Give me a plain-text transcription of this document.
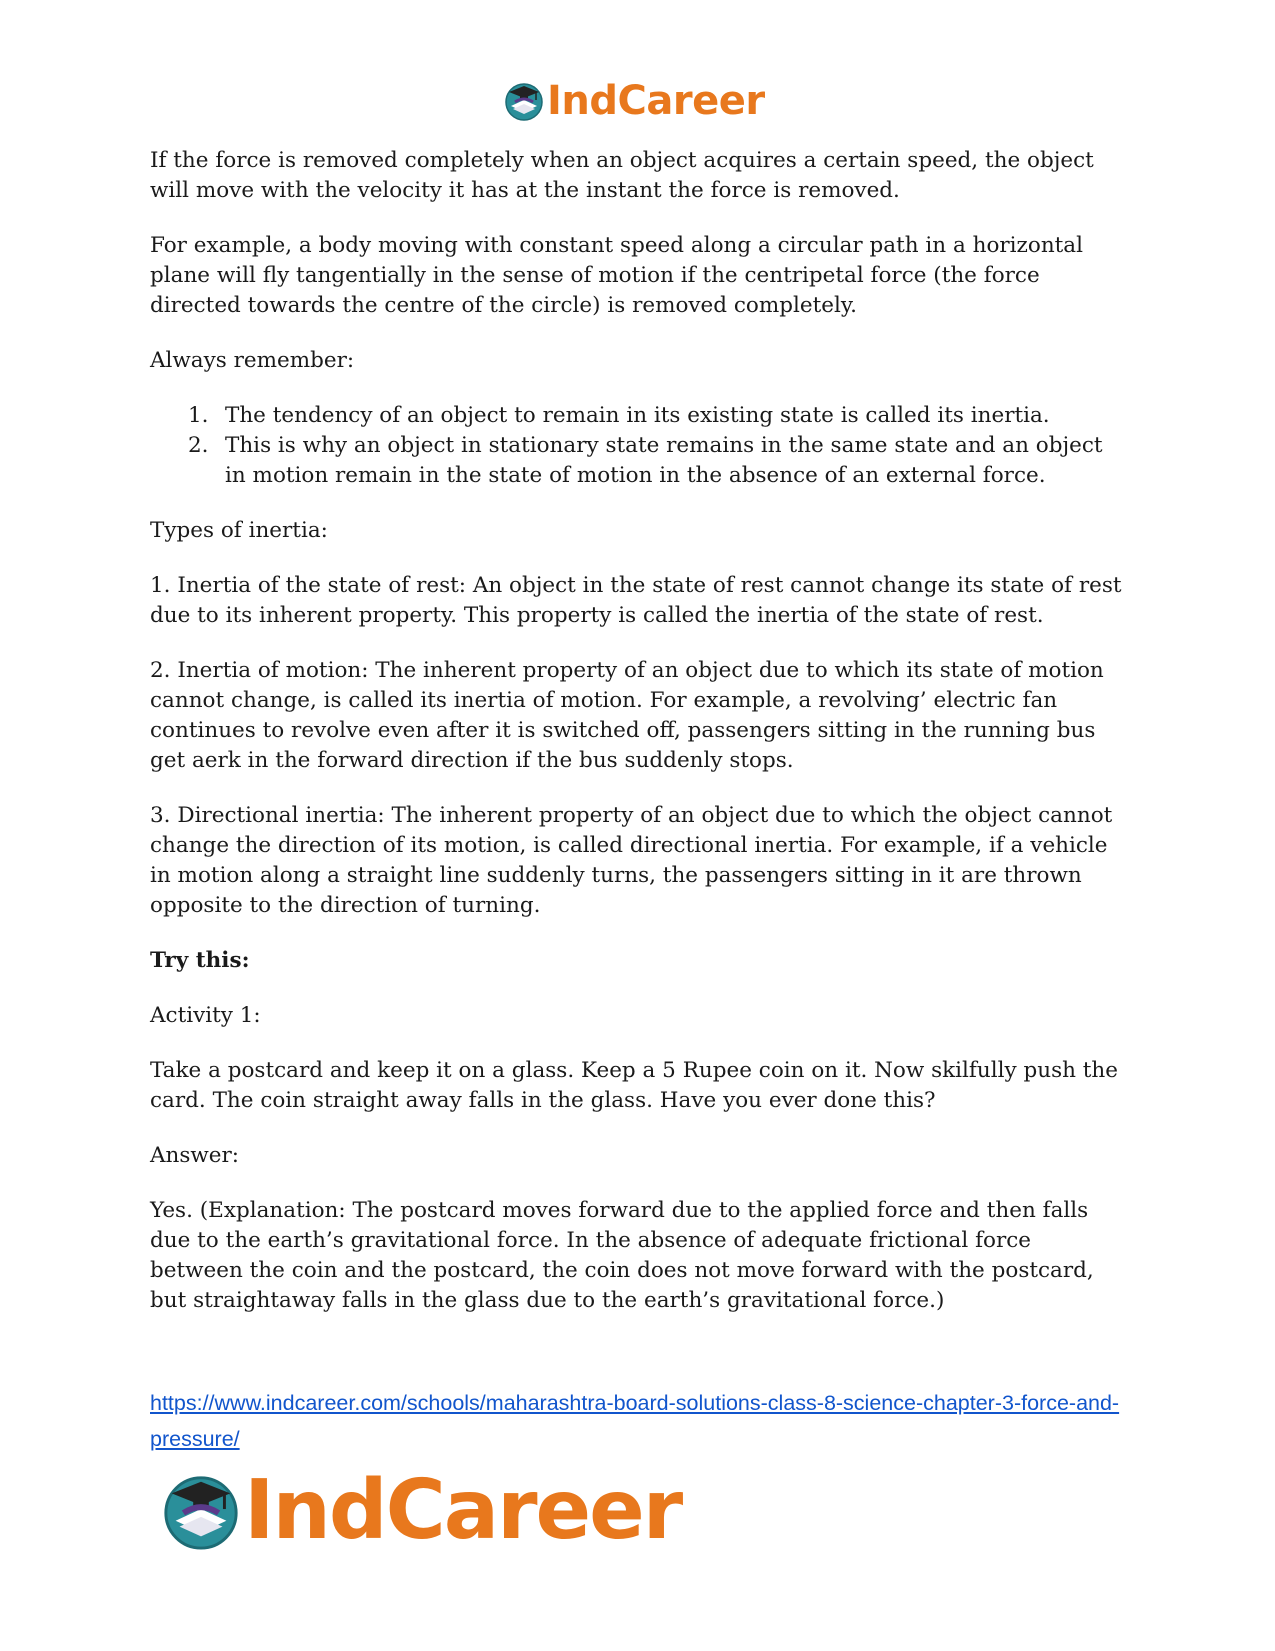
IndCareer

If the force is removed completely when an object acquires a certain speed, the object will move with the velocity it has at the instant the force is removed.

For example, a body moving with constant speed along a circular path in a horizontal plane will fly tangentially in the sense of motion if the centripetal force (the force directed towards the centre of the circle) is removed completely.

Always remember:

1. The tendency of an object to remain in its existing state is called its inertia.
2. This is why an object in stationary state remains in the same state and an object in motion remain in the state of motion in the absence of an external force.

Types of inertia:

1. Inertia of the state of rest: An object in the state of rest cannot change its state of rest due to its inherent property. This property is called the inertia of the state of rest.

2. Inertia of motion: The inherent property of an object due to which its state of motion cannot change, is called its inertia of motion. For example, a revolving’ electric fan continues to revolve even after it is switched off, passengers sitting in the running bus get aerk in the forward direction if the bus suddenly stops.

3. Directional inertia: The inherent property of an object due to which the object cannot change the direction of its motion, is called directional inertia. For example, if a vehicle in motion along a straight line suddenly turns, the passengers sitting in it are thrown opposite to the direction of turning.

Try this:

Activity 1:

Take a postcard and keep it on a glass. Keep a 5 Rupee coin on it. Now skilfully push the card. The coin straight away falls in the glass. Have you ever done this?

Answer:

Yes. (Explanation: The postcard moves forward due to the applied force and then falls due to the earth’s gravitational force. In the absence of adequate frictional force between the coin and the postcard, the coin does not move forward with the postcard, but straightaway falls in the glass due to the earth’s gravitational force.)

https://www.indcareer.com/schools/maharashtra-board-solutions-class-8-science-chapter-3-force-and-pressure/
IndCareer
